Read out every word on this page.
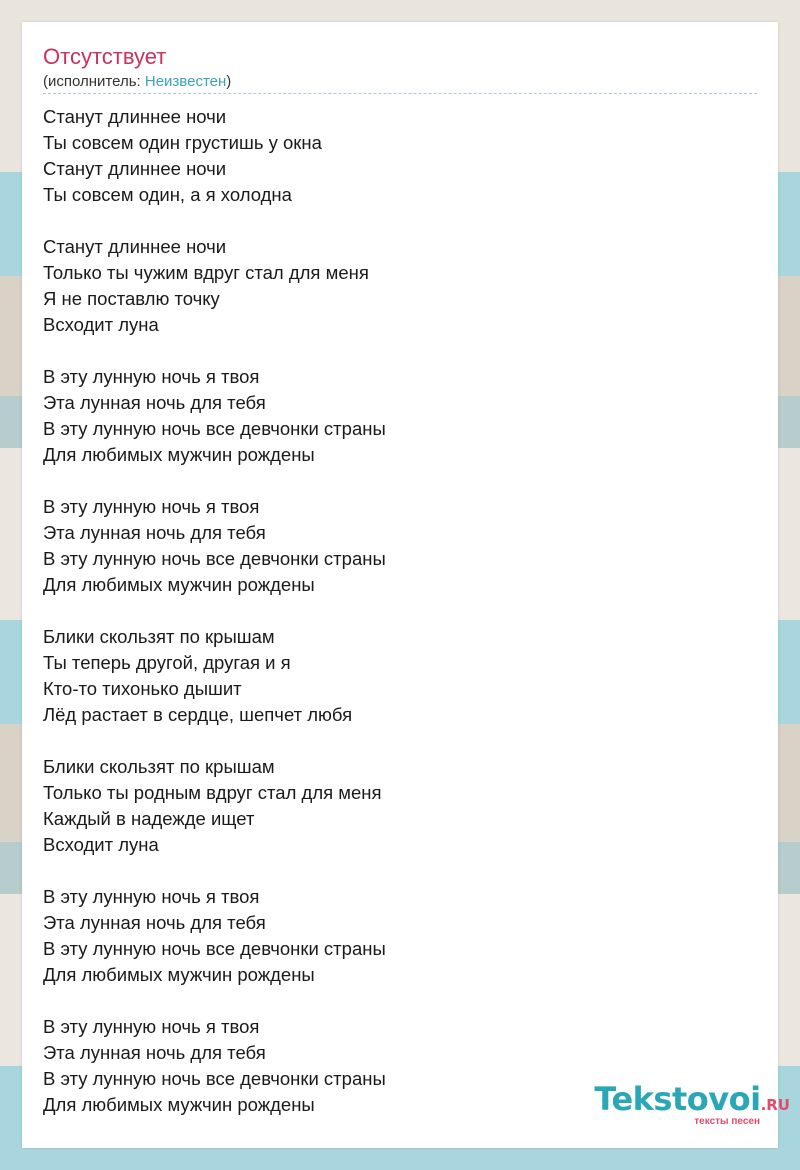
Отсутствует
(исполнитель: Неизвестен)
Станут длиннее ночи
Ты совсем один грустишь у окна
Станут длиннее ночи
Ты совсем один, а я холодна
Станут длиннее ночи
Только ты чужим вдруг стал для меня
Я не поставлю точку
Всходит луна
В эту лунную ночь я твоя
Эта лунная ночь для тебя
В эту лунную ночь все девчонки страны
Для любимых мужчин рождены
В эту лунную ночь я твоя
Эта лунная ночь для тебя
В эту лунную ночь все девчонки страны
Для любимых мужчин рождены
Блики скользят по крышам
Ты теперь другой, другая и я
Кто-то тихонько дышит
Лёд растает в сердце, шепчет любя
Блики скользят по крышам
Только ты родным вдруг стал для меня
Каждый в надежде ищет
Всходит луна
В эту лунную ночь я твоя
Эта лунная ночь для тебя
В эту лунную ночь все девчонки страны
Для любимых мужчин рождены
В эту лунную ночь я твоя
Эта лунная ночь для тебя
В эту лунную ночь все девчонки страны
Для любимых мужчин рождены	Tekstovoi.RU
тексты песен
